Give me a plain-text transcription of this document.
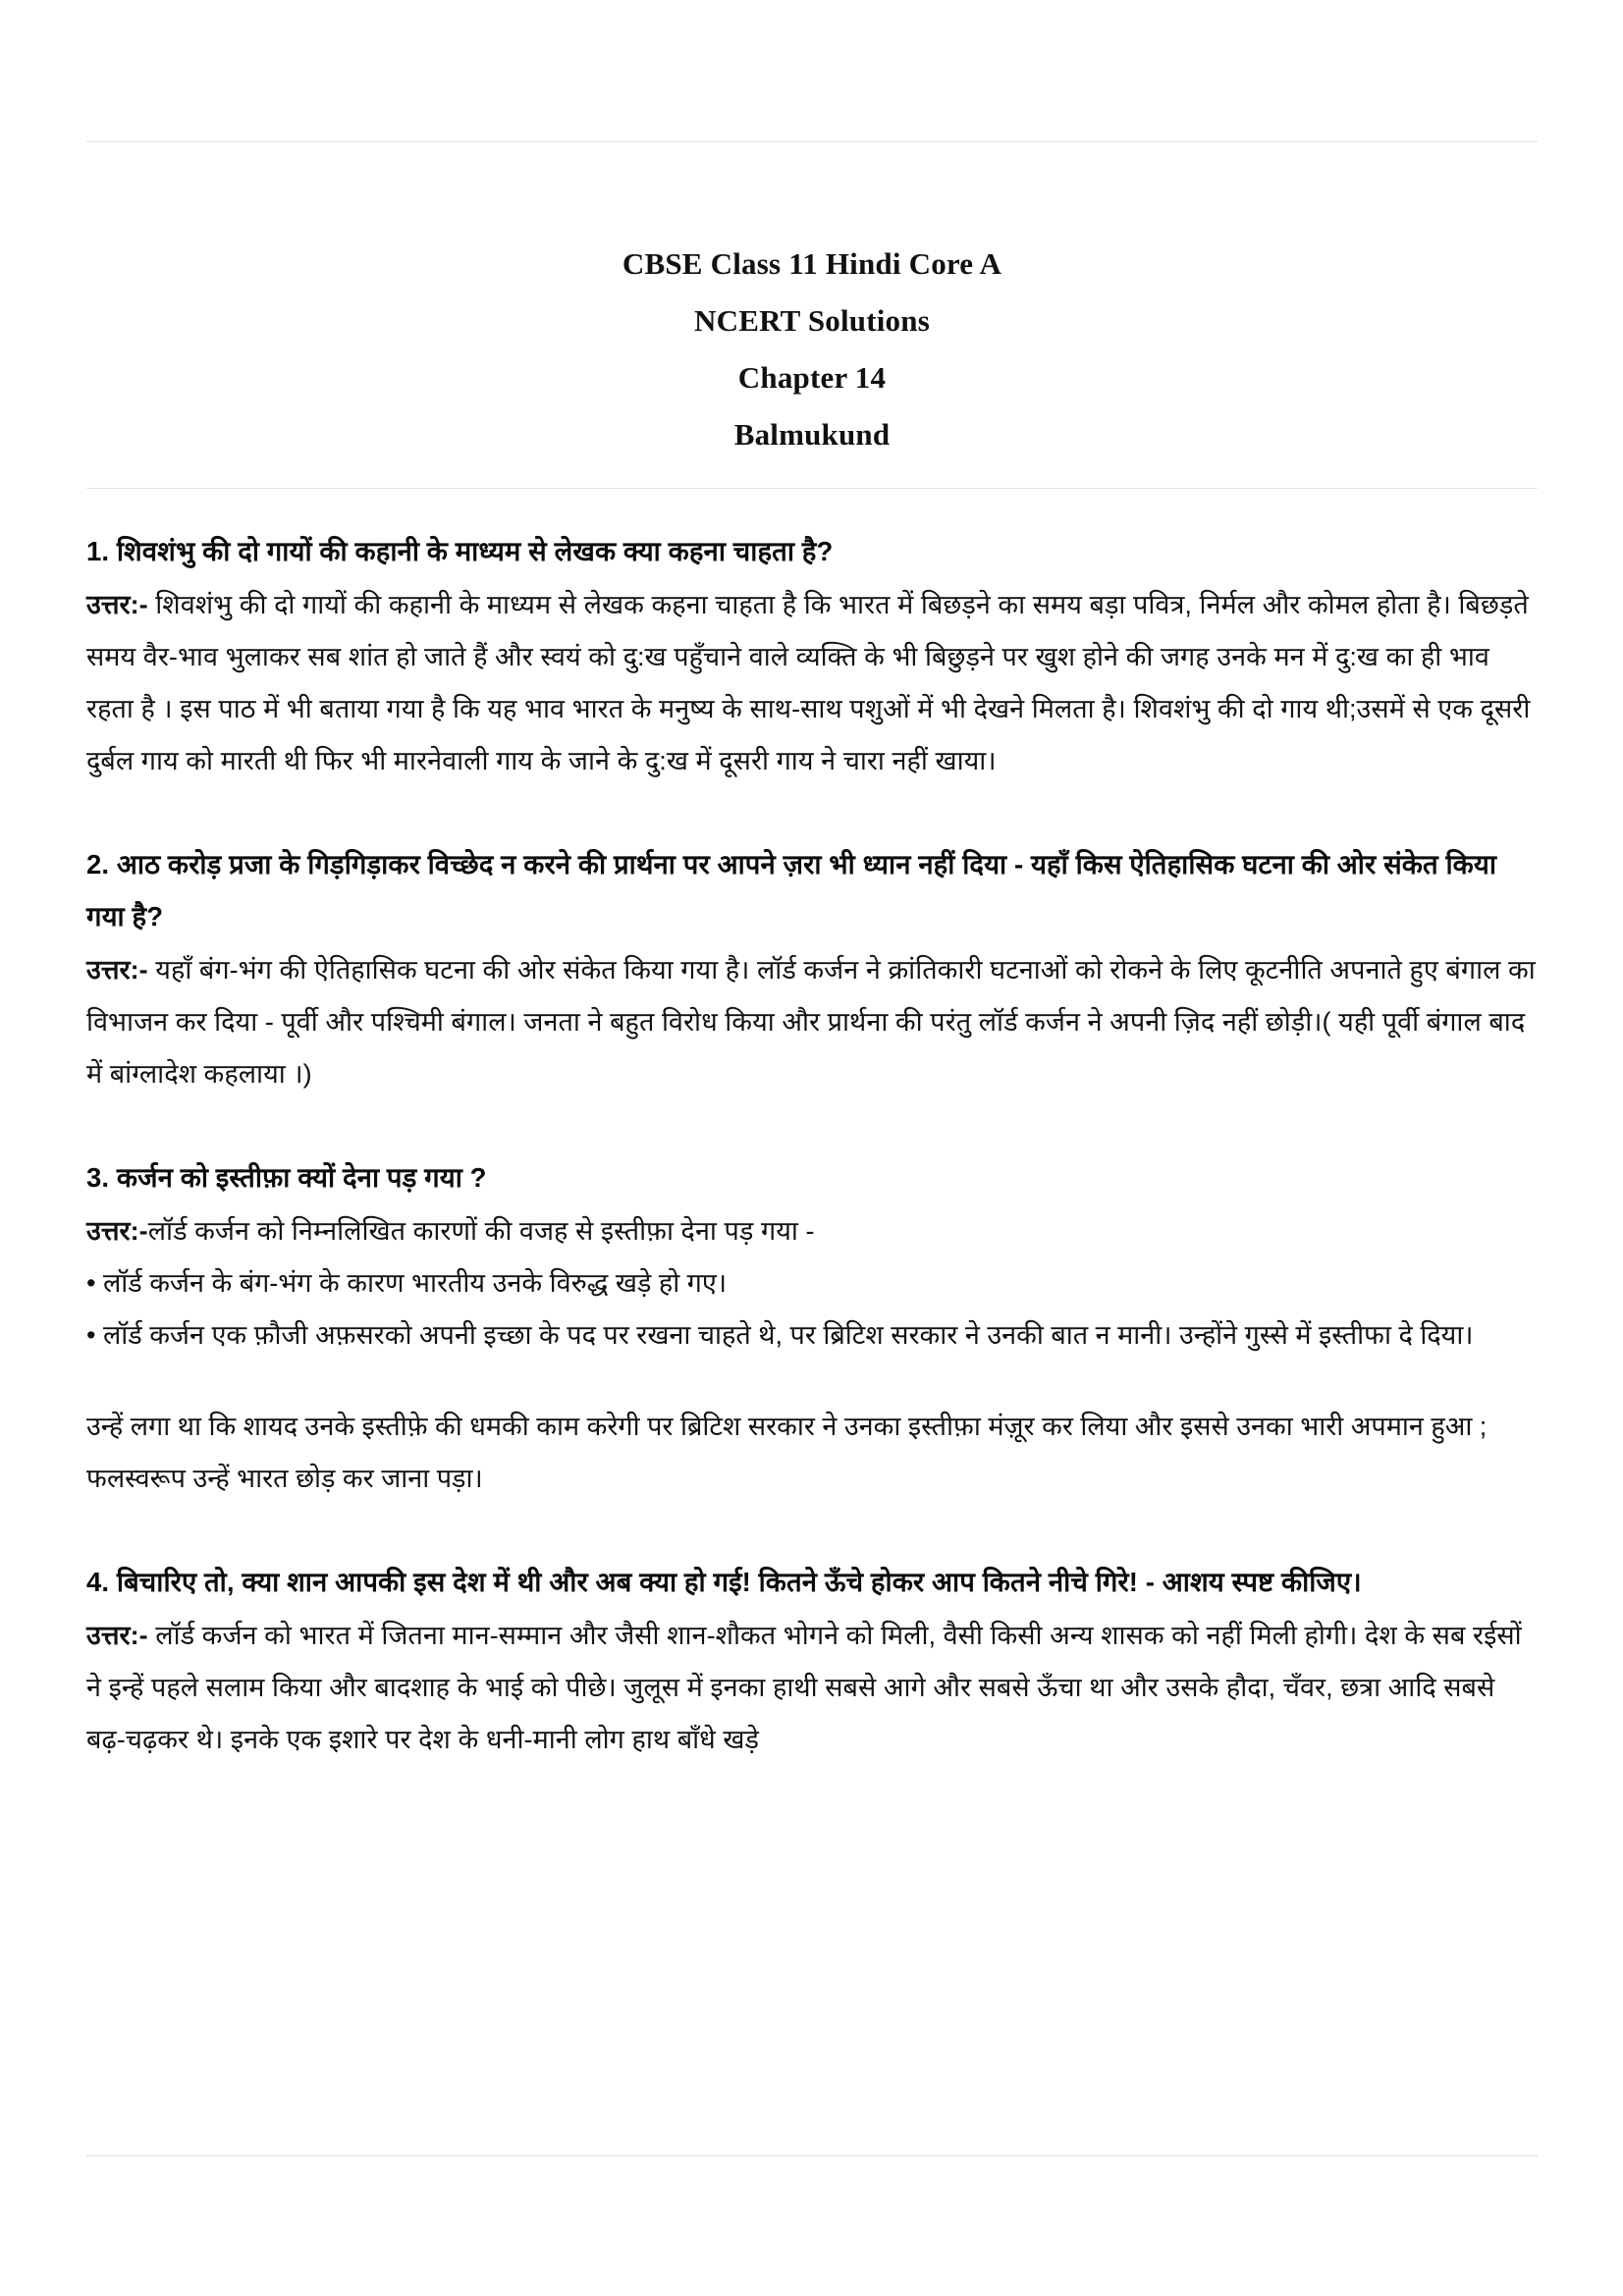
CBSE Class 11 Hindi Core A
NCERT Solutions
Chapter 14
Balmukund

1. शिवशंभु की दो गायों की कहानी के माध्यम से लेखक क्या कहना चाहता है?

उत्तर:- शिवशंभु की दो गायों की कहानी के माध्यम से लेखक कहना चाहता है कि भारत में बिछड़ने का समय बड़ा पवित्र, निर्मल और कोमल होता है। बिछड़ते समय वैर-भाव भुलाकर सब शांत हो जाते हैं और स्वयं को दु:ख पहुँचाने वाले व्यक्ति के भी बिछुड़ने पर खुश होने की जगह उनके मन में दु:ख का ही भाव रहता है । इस पाठ में भी बताया गया है कि यह भाव भारत के मनुष्य के साथ-साथ पशुओं में भी देखने मिलता है। शिवशंभु की दो गाय थी;उसमें से एक दूसरी दुर्बल गाय को मारती थी फिर भी मारनेवाली गाय के जाने के दु:ख में दूसरी गाय ने चारा नहीं खाया।

2. आठ करोड़ प्रजा के गिड़गिड़ाकर विच्छेद न करने की प्रार्थना पर आपने ज़रा भी ध्यान नहीं दिया - यहाँ किस ऐतिहासिक घटना की ओर संकेत किया गया है?

उत्तर:- यहाँ बंग-भंग की ऐतिहासिक घटना की ओर संकेत किया गया है। लॉर्ड कर्जन ने क्रांतिकारी घटनाओं को रोकने के लिए कूटनीति अपनाते हुए बंगाल का विभाजन कर दिया - पूर्वी और पश्चिमी बंगाल। जनता ने बहुत विरोध किया और प्रार्थना की परंतु लॉर्ड कर्जन ने अपनी ज़िद नहीं छोड़ी।( यही पूर्वी बंगाल बाद में बांग्लादेश कहलाया ।)

3. कर्जन को इस्तीफ़ा क्यों देना पड़ गया ?

उत्तर:-लॉर्ड कर्जन को निम्नलिखित कारणों की वजह से इस्तीफ़ा देना पड़ गया -

• लॉर्ड कर्जन के बंग-भंग के कारण भारतीय उनके विरुद्ध खड़े हो गए।

• लॉर्ड कर्जन एक फ़ौजी अफ़सरको अपनी इच्छा के पद पर रखना चाहते थे, पर ब्रिटिश सरकार ने उनकी बात न मानी। उन्होंने गुस्से में इस्तीफा दे दिया।

उन्हें लगा था कि शायद उनके इस्तीफ़े की धमकी काम करेगी पर ब्रिटिश सरकार ने उनका इस्तीफ़ा मंज़ूर कर लिया और इससे उनका भारी अपमान हुआ ; फलस्वरूप उन्हें भारत छोड़ कर जाना पड़ा।

4. बिचारिए तो, क्या शान आपकी इस देश में थी और अब क्या हो गई! कितने ऊँचे होकर आप कितने नीचे गिरे! - आशय स्पष्ट कीजिए।

उत्तर:- लॉर्ड कर्जन को भारत में जितना मान-सम्मान और जैसी शान-शौकत भोगने को मिली, वैसी किसी अन्य शासक को नहीं मिली होगी। देश के सब रईसों ने इन्हें पहले सलाम किया और बादशाह के भाई को पीछे। जुलूस में इनका हाथी सबसे आगे और सबसे ऊँचा था और उसके हौदा, चँवर, छत्रा आदि सबसे बढ़-चढ़कर थे। इनके एक इशारे पर देश के धनी-मानी लोग हाथ बाँधे खड़े
